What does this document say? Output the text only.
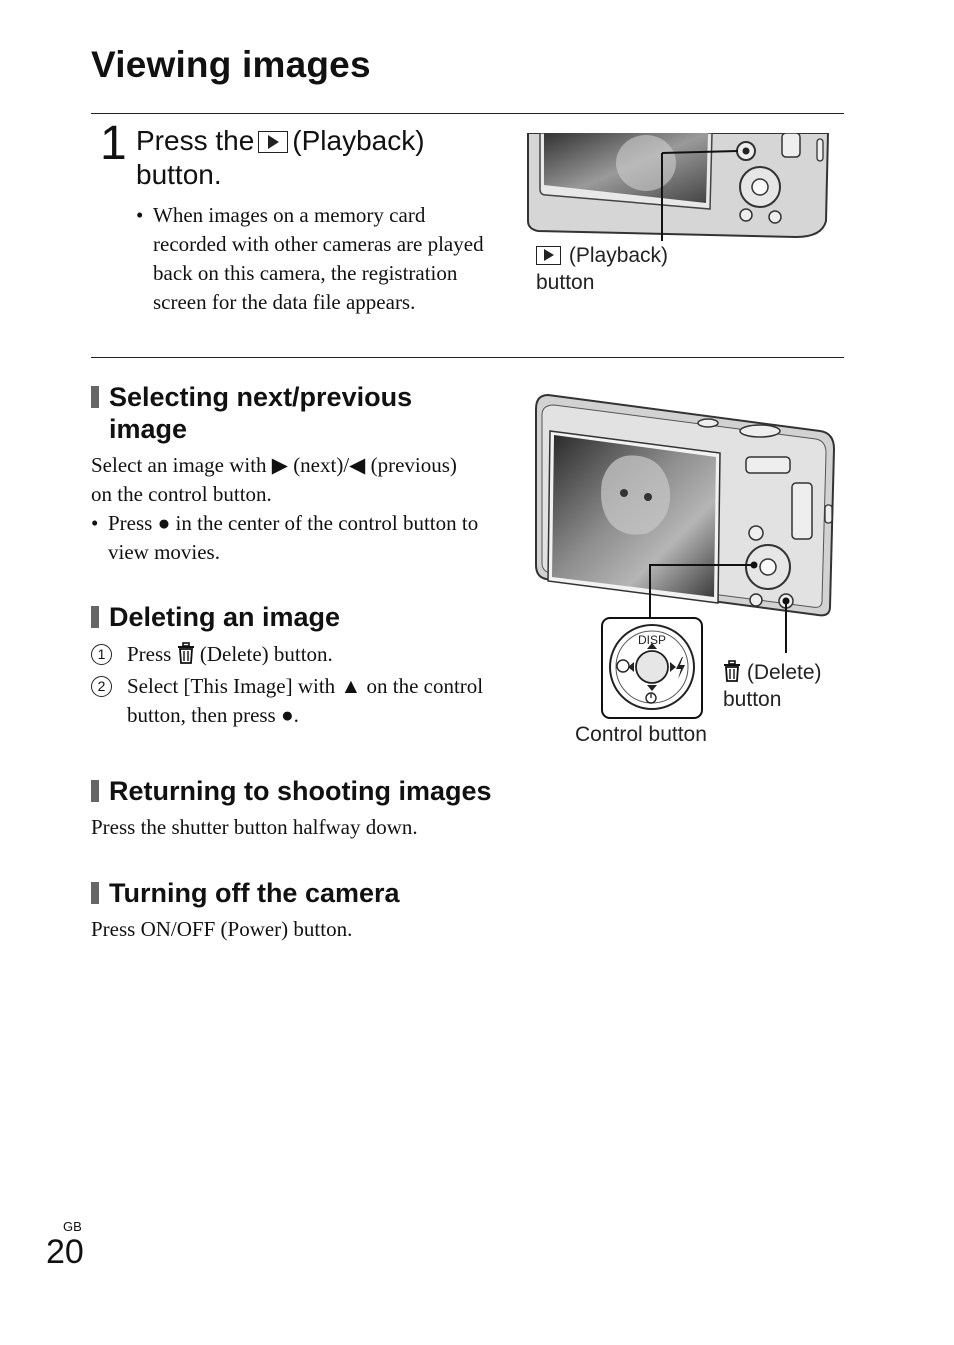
Viewing images
1 Press the (Playback)
button.
• When images on a memory card recorded with other cameras are played back on this camera, the registration screen for the data file appears.
(Playback)
button
Selecting next/previous
image
Select an image with ▶ (next)/◀ (previous) on the control button.
• Press ● in the center of the control button to view movies.
Deleting an image
1	Press (Delete) button.
2	Select [This Image] with ▲ on the control button, then press ●.
DISP
(Delete)
button
Control button
Returning to shooting images
Press the shutter button halfway down.
Turning off the camera
Press ON/OFF (Power) button.
GB
20
